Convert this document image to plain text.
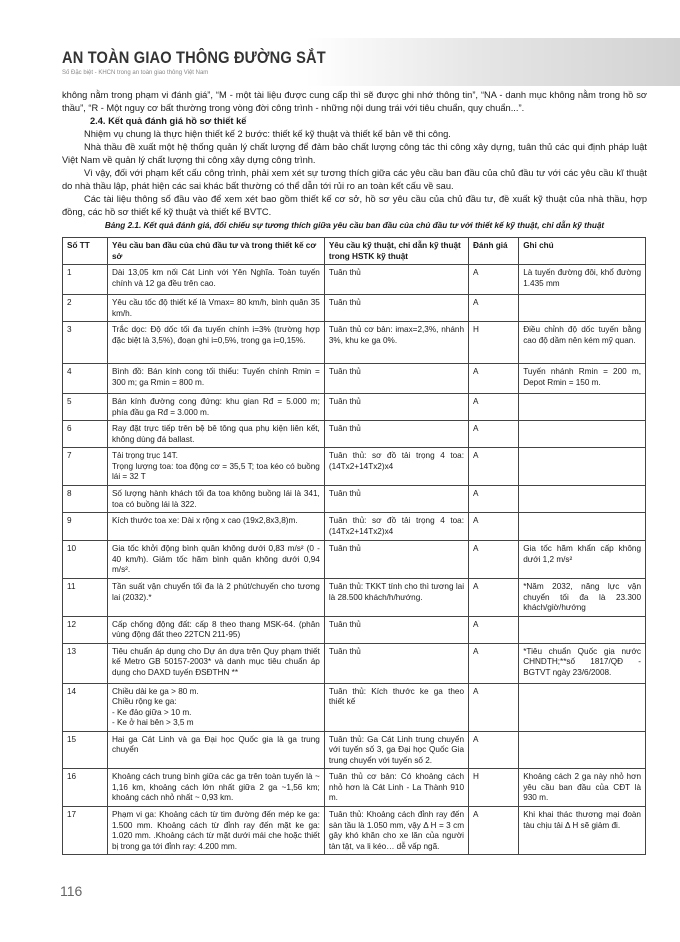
AN TOÀN GIAO THÔNG ĐƯỜNG SẮT
Số Đặc biệt - KHCN trong an toàn giao thông Việt Nam

không nằm trong phạm vi đánh giá”, “M - một tài liệu được cung cấp thì sẽ được ghi nhớ thông tin”, “NA - danh mục không nằm trong hồ sơ thầu”, “R - Một nguy cơ bất thường trong vòng đời công trình - những nội dung trái với tiêu chuẩn, quy chuẩn...”.

2.4. Kết quả đánh giá hồ sơ thiết kế

Nhiệm vụ chung là thực hiện thiết kế 2 bước: thiết kế kỹ thuật và thiết kế bản vẽ thi công.

Nhà thầu đề xuất một hệ thống quản lý chất lượng để đảm bảo chất lượng công tác thi công xây dựng, tuân thủ các qui định pháp luật Việt Nam về quản lý chất lượng thi công xây dựng công trình.

Vì vậy, đối với phạm kết cấu công trình, phải xem xét sự tương thích giữa các yêu cầu ban đầu của chủ đầu tư với các yêu cầu kĩ thuật do nhà thầu lập, phát hiện các sai khác bất thường có thể dẫn tới rủi ro an toàn kết cấu về sau.

Các tài liệu thông số đầu vào để xem xét bao gồm thiết kế cơ sở, hồ sơ yêu cầu của chủ đầu tư, đề xuất kỹ thuật của nhà thầu, hợp đồng, các hồ sơ thiết kế kỹ thuật và thiết kế BVTC.

Bảng 2.1. Kết quả đánh giá, đối chiếu sự tương thích giữa yêu cầu ban đầu của chủ đầu tư với thiết kế kỹ thuật, chỉ dẫn kỹ thuật

Số TT	Yêu cầu ban đầu của chủ đầu tư và trong thiết kế cơ sở	Yêu cầu kỹ thuật, chỉ dẫn kỹ thuật trong HSTK kỹ thuật	Đánh giá	Ghi chú
1	Dài 13,05 km nối Cát Linh với Yên Nghĩa. Toàn tuyến chính và 12 ga đều trên cao.	Tuân thủ	A	Là tuyến đường đôi, khổ đường 1.435 mm
2	Yêu cầu tốc độ thiết kế là Vmax= 80 km/h, bình quân 35 km/h.	Tuân thủ	A	
3	Trắc dọc: Độ dốc tối đa tuyến chính i=3% (trường hợp đặc biệt là 3,5%), đoạn ghi i=0,5%, trong ga i=0,15%.	Tuân thủ cơ bản: imax=2,3%, nhánh 3%, khu ke ga 0%.	H	Điều chỉnh độ dốc tuyến bằng cao độ dầm nên kém mỹ quan.
4	Bình đồ: Bán kính cong tối thiểu: Tuyến chính Rmin = 300 m; ga Rmin = 800 m.	Tuân thủ	A	Tuyến nhánh Rmin = 200 m, Depot Rmin = 150 m.
5	Bán kính đường cong đứng: khu gian Rđ = 5.000 m; phía đầu ga Rđ = 3.000 m.	Tuân thủ	A	
6	Ray đặt trực tiếp trên bệ bê tông qua phụ kiện liên kết, không dùng đá ballast.	Tuân thủ	A	
7	Tải trọng trục 14T.
Trọng lượng toa: toa động cơ = 35,5 T; toa kéo có buồng lái = 32 T	Tuân thủ: sơ đồ tải trọng 4 toa: (14Tx2+14Tx2)x4	A	
8	Số lượng hành khách tối đa toa không buồng lái là 341, toa có buồng lái là 322.	Tuân thủ	A	
9	Kích thước toa xe: Dài x rộng x cao (19x2,8x3,8)m.	Tuân thủ: sơ đồ tải trọng 4 toa: (14Tx2+14Tx2)x4	A	
10	Gia tốc khởi động bình quân không dưới 0,83 m/s² (0 - 40 km/h). Giảm tốc hãm bình quân không dưới 0,94 m/s².	Tuân thủ	A	Gia tốc hãm khẩn cấp không dưới 1,2 m/s²
11	Tần suất vận chuyển tối đa là 2 phút/chuyến cho tương lai (2032).*	Tuân thủ: TKKT tính cho thì tương lai là 28.500 khách/h/hướng.	A	*Năm 2032, năng lực vận chuyển tối đa là 23.300 khách/giờ/hướng
12	Cấp chống động đất: cấp 8 theo thang MSK-64. (phân vùng động đất theo 22TCN 211-95)	Tuân thủ	A	
13	Tiêu chuẩn áp dụng cho Dự án dựa trên Quy phạm thiết kế Metro GB 50157-2003* và danh mục tiêu chuẩn áp dụng cho DAXD tuyến ĐSĐTHN **	Tuân thủ	A	*Tiêu chuẩn Quốc gia nước CHNDTH;**số 1817/QĐ - BGTVT ngày 23/6/2008.
14	Chiều dài ke ga > 80 m.
Chiều rộng ke ga:
- Ke đảo giữa > 10 m.
- Ke ở hai bên > 3,5 m	Tuân thủ: Kích thước ke ga theo thiết kế	A	
15	Hai ga Cát Linh và ga Đại học Quốc gia là ga trung chuyển	Tuân thủ: Ga Cát Linh trung chuyển với tuyến số 3, ga Đại học Quốc Gia trung chuyển với tuyến số 2.	A	
16	Khoảng cách trung bình giữa các ga trên toàn tuyến là ~ 1,16 km, khoảng cách lớn nhất giữa 2 ga ~1,56 km; khoảng cách nhỏ nhất ~ 0,93 km.	Tuân thủ cơ bản: Có khoảng cách nhỏ hơn là Cát Linh - La Thành 910 m.	H	Khoảng cách 2 ga này nhỏ hơn yêu cầu ban đầu của CĐT là 930 m.
17	Phạm vi ga: Khoảng cách từ tim đường đến mép ke ga: 1.500 mm. Khoảng cách từ đỉnh ray đến mặt ke ga: 1.020 mm. .Khoảng cách từ mặt dưới mái che hoặc thiết bị trong ga tới đỉnh ray: 4.200 mm.	Tuân thủ: Khoảng cách đỉnh ray đến sàn tầu là 1.050 mm, vậy Δ H = 3 cm gây khó khăn cho xe lăn của người tàn tật, va li kéo… dễ vấp ngã.	A	Khi khai thác thương mại đoàn tàu chịu tải Δ H sẽ giảm đi.
116
